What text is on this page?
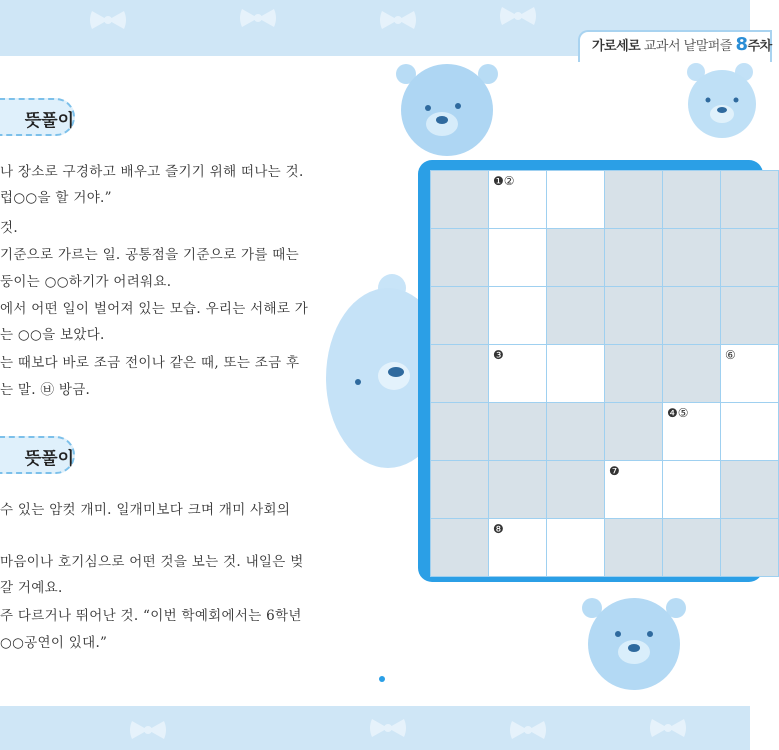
가로세로 교과서 낱말퍼즐 8주차
뜻풀이
나 장소로 구경하고 배우고 즐기기 위해 떠나는 것.
럽○○을 할 거야.”
것.
기준으로 가르는 일. 공통점을 기준으로 가를 때는
둥이는 ○○하기가 어려워요.
에서 어떤 일이 벌어져 있는 모습. 우리는 서해로 가
는 ○○을 보았다.
는 때보다 바로 조금 전이나 같은 때, 또는 조금 후
는 말. ㉥ 방금.
뜻풀이
수 있는 암컷 개미. 일개미보다 크며 개미 사회의
마음이나 호기심으로 어떤 것을 보는 것. 내일은 벚
갈 거예요.
주 다르거나 뛰어난 것. “이번 학예회에서는 6학년
○○공연이 있대.”
❶②
❸	⑥
❹⑤
❼
❽
